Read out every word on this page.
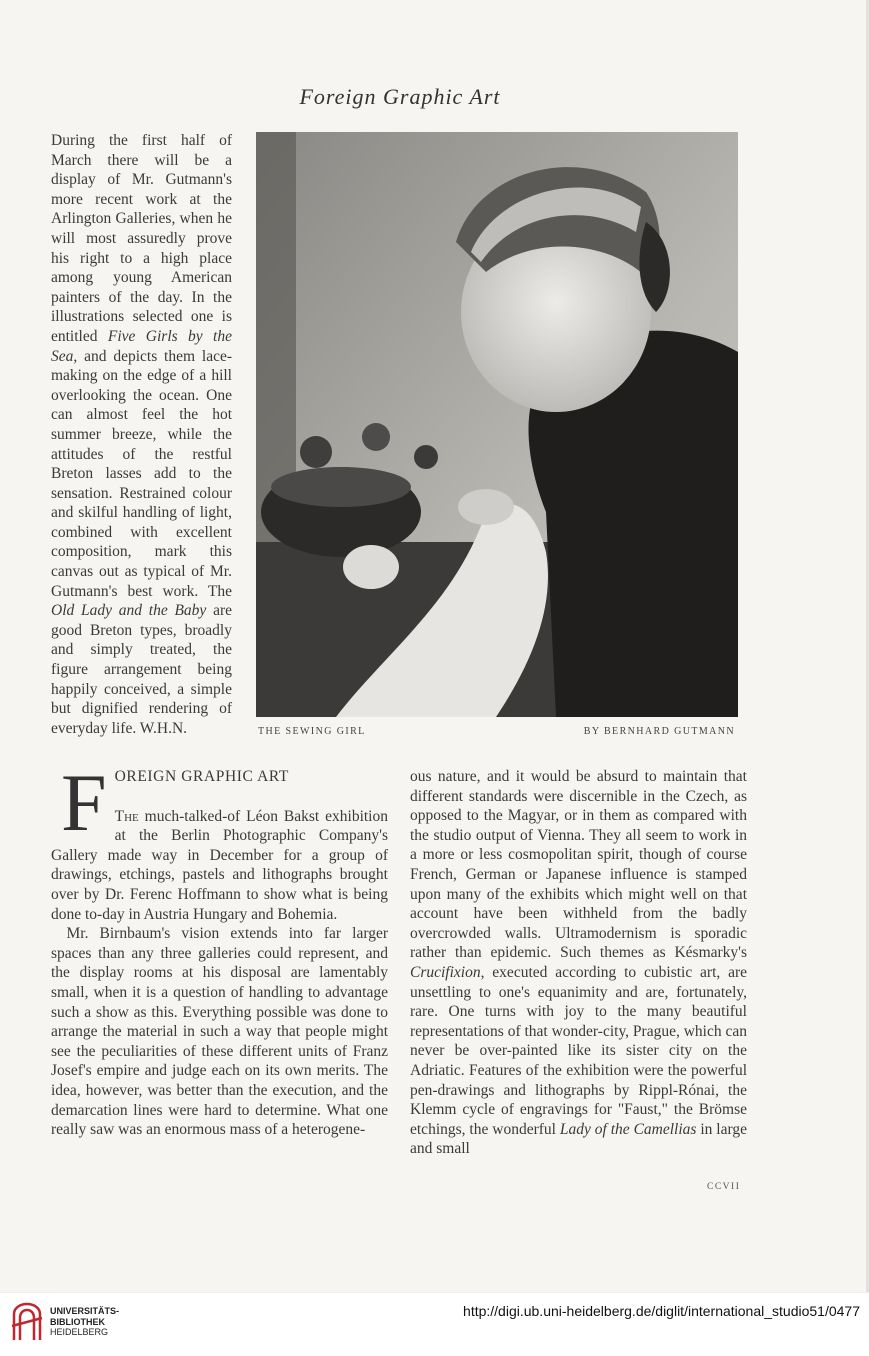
Foreign Graphic Art

During the first half of March there will be a display of Mr. Gutmann's more recent work at the Arlington Galleries, when he will most assuredly prove his right to a high place among young American painters of the day. In the illustrations selected one is entitled Five Girls by the Sea, and depicts them lace-making on the edge of a hill overlooking the ocean. One can almost feel the hot summer breeze, while the attitudes of the restful Breton lasses add to the sensation. Restrained colour and skilful handling of light, combined with excellent composition, mark this canvas out as typical of Mr. Gutmann's best work. The Old Lady and the Baby are good Breton types, broadly and simply treated, the figure arrangement being happily conceived, a simple but dignified rendering of everyday life. W.H.N.	THE SEWING GIRL	BY BERNHARD GUTMANN
F OREIGN GRAPHIC ART

The much-talked-of Léon Bakst exhibition at the Berlin Photographic Company's Gallery made way in December for a group of drawings, etchings, pastels and lithographs brought over by Dr. Ferenc Hoffmann to show what is being done to-day in Austria Hungary and Bohemia.

Mr. Birnbaum's vision extends into far larger spaces than any three galleries could represent, and the display rooms at his disposal are lamentably small, when it is a question of handling to advantage such a show as this. Everything possible was done to arrange the material in such a way that people might see the peculiarities of these different units of Franz Josef's empire and judge each on its own merits. The idea, however, was better than the execution, and the demarcation lines were hard to determine. What one really saw was an enormous mass of a heterogene-

ous nature, and it would be absurd to maintain that different standards were discernible in the Czech, as opposed to the Magyar, or in them as compared with the studio output of Vienna. They all seem to work in a more or less cosmopolitan spirit, though of course French, German or Japanese influence is stamped upon many of the exhibits which might well on that account have been withheld from the badly overcrowded walls. Ultramodernism is sporadic rather than epidemic. Such themes as Késmarky's Crucifixion, executed according to cubistic art, are unsettling to one's equanimity and are, fortunately, rare. One turns with joy to the many beautiful representations of that wonder-city, Prague, which can never be over-painted like its sister city on the Adriatic. Features of the exhibition were the powerful pen-drawings and lithographs by Rippl-Rónai, the Klemm cycle of engravings for "Faust," the Brömse etchings, the wonderful Lady of the Camellias in large and small

CCVII
UNIVERSITÄTS-
BIBLIOTHEK
HEIDELBERG
http://digi.ub.uni-heidelberg.de/diglit/international_studio51/0477
